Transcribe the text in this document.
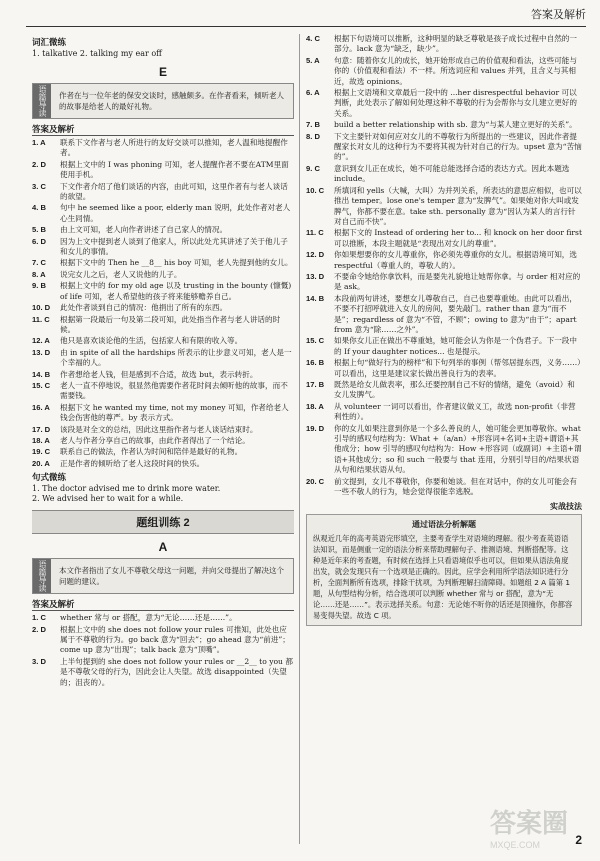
答案及解析
词汇微练
1. talkative 2. talking my ear off
E
语篇导读	作者在与一位年老的保安交谈时，感触颇多。在作者看来，倾听老人的故事是给老人的最好礼物。
答案及解析
1. A	联系下文作者与老人所进行的友好交谈可以推知，老人温和地提醒作者。
2. D	根据上文中的 I was phoning 可知，老人提醒作者不要在ATM里面使用手机。
3. C	下文作者介绍了他们谈话的内容，由此可知，这里作者有与老人谈话的欲望。
4. B	句中 he seemed like a poor, elderly man 说明，此处作者对老人心生同情。
5. B	由上文可知，老人向作者讲述了自己家人的情况。
6. D	因为上文中提到老人谈到了他家人，所以此处尤其讲述了关于他儿子和女儿的事情。
7. C	根据下文中的 Then he __8__ his boy 可知，老人先提到他的女儿。
8. A	说完女儿之后，老人又说他的儿子。
9. B	根据上文中的 for my old age 以及 trusting in the bounty (慷慨) of life 可知，老人希望他的孩子将来能够赡养自己。
10. D	此处作者谈到自己的情况：他捐出了所有的东西。
11. C	根据第一段最后一句及第二段可知，此处指当作者与老人讲话的时候。
12. A	他只是喜欢谈论他的生活，包括家人和有限的收入等。
13. D	由 in spite of all the hardships 所表示的让步意义可知，老人是一个幸福的人。
14. B	作者想给老人钱，但是感到不合适，故选 but，表示转折。
15. C	老人一直不停地说，很显然他需要作者花时间去倾听他的故事，而不需要钱。
16. A	根据下文 he wanted my time, not my money 可知，作者给老人钱会伤害他的尊严。by 表示方式。
17. D	该段是对全文的总结，因此这里指作者与老人谈话结束时。
18. A	老人与作者分享自己的故事，由此作者得出了一个结论。
19. C	联系自己的做法，作者认为时间和陪伴是最好的礼物。
20. A	正是作者的倾听给了老人这段时间的快乐。
句式微练
1. The doctor advised me to drink more water.
2. We advised her to wait for a while.
题组训练 2
A
语篇导读	本文作者指出了女儿不尊敬父母这一问题，并向父母提出了解决这个问题的建议。
答案及解析
1. C	whether 常与 or 搭配，意为“无论……还是……”。
2. D	根据上文中的 she does not follow your rules 可推知，此处也应属于不尊敬的行为。go back 意为“回去”；go ahead 意为“前进”；come up 意为“出现”；talk back 意为“顶嘴”。
3. D	上半句提到的 she does not follow your rules or __2__ to you 都是不尊敬父母的行为，因此会让人失望。故选 disappointed（失望的；沮丧的）。
4. C	根据下句语境可以推断，这种明显的缺乏尊敬是孩子成长过程中自然的一部分。lack 意为“缺乏，缺少”。
5. A	句意：随着你女儿的成长，她开始形成自己的价值观和看法，这些可能与你的（价值观和看法）不一样。所选词应和 values 并列，且含义与其相近，故选 opinions。
6. A	根据上文语境和文章最后一段中的 ...her disrespectful behavior 可以判断，此处表示了解如何处理这种不尊敬的行为会帮你与女儿建立更好的关系。
7. B	build a better relationship with sb. 意为“与某人建立更好的关系”。
8. D	下文主要针对如何应对女儿的不尊敬行为所提出的一些建议，因此作者提醒家长对女儿的这种行为不要将其视为针对自己的行为。upset 意为“苦恼的”。
9. C	意识到女儿正在成长，她不可能总能选择合适的表达方式。因此本题选 include。
10. C	所填词和 yells（大喊，大叫）为并列关系，所表达的意思应相似，也可以推出 temper。lose one's temper 意为“发脾气”。如果她对你大叫或发脾气，你都不要在意。take sth. personally 意为“因认为某人的言行针对自己而不快”。
11. C	根据下文的 Instead of ordering her to... 和 knock on her door first 可以推断，本段主题就是“表现出对女儿的尊重”。
12. D	你如果想要你的女儿尊重你，你必须先尊重你的女儿。根据语境可知，选 respectful（尊重人的，尊敬人的）。
13. D	不要命令她给你拿饮料，而是要先礼貌地让她帮你拿。与 order 相对应的是 ask。
14. B	本段前两句讲述，要想女儿尊敬自己，自己也要尊重她。由此可以看出，不要不打招呼就进入女儿的房间，要先敲门。rather than 意为“而不是”；regardless of 意为“不管，不顾”；owing to 意为“由于”；apart from 意为“除……之外”。
15. C	如果你女儿正在做出不尊重她，她可能会认为你是一个伪君子。下一段中的 If your daughter notices... 也是提示。
16. B	根据上句“做好行为的榜样”和下句列举的事例（帮邻居提东西，义务……）可以看出，这里是建议家长做出善良行为的表率。
17. B	既然是给女儿做表率，那么还要控制自己不好的情绪，避免（avoid）和女儿发脾气。
18. A	从 volunteer 一词可以看出，作者建议做义工，故选 non-profit（非营利性的）。
19. D	你的女儿如果注意到你是一个多么善良的人，她可能会更加尊敬你。what 引导的感叹句结构为：What +（a/an）+形容词+名词+主语+谓语+其他成分；how 引导的感叹句结构为：How +形容词（或副词）+主语+谓语+其他成分；so 和 such 一般要与 that 连用，分别引导目的/结果状语从句和结果状语从句。
20. C	前文提到，女儿不尊敬你，你要和她谈。但在对话中，你的女儿可能会有一些不敬人的行为，她会觉得很能幸逃脱。
实战技法
通过语法分析解题
纵观近几年的高考英语完形填空，主要考查学生对语境的理解。很少考查英语语法知识，而是侧重一定的语法分析来帮助理解句子、推测语境、判断搭配等。这种是近年来的考查题，有时候在选择上只看语境似乎也可以，但如果从语法角度出发，就会发现只有一个选项是正确的。因此，应学会利用所学语法知识进行分析，全面判断所有选项，排除干扰项，为判断理解扫清障碍。如题组 2 A 篇第 1 题，从句型结构分析，结合选项可以判断 whether 常与 or 搭配，意为“无论……还是……”。表示选择关系。句意：无论她不听你的话还是顶撞你，你都容易变得失望。故选 C 项。
答案圈
MXQE.COM	2
